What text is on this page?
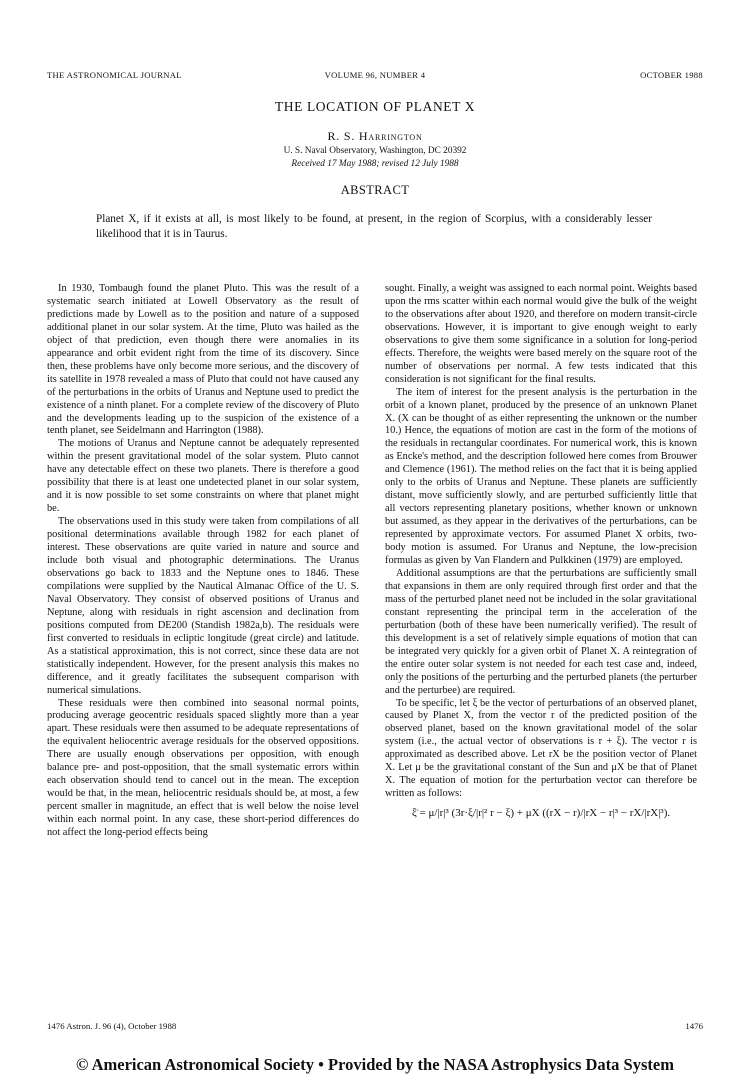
THE ASTRONOMICAL JOURNAL	VOLUME 96, NUMBER 4	OCTOBER 1988
THE LOCATION OF PLANET X
R. S. Harrington
U. S. Naval Observatory, Washington, DC 20392
Received 17 May 1988; revised 12 July 1988
ABSTRACT
Planet X, if it exists at all, is most likely to be found, at present, in the region of Scorpius, with a considerably lesser likelihood that it is in Taurus.

In 1930, Tombaugh found the planet Pluto. This was the result of a systematic search initiated at Lowell Observatory as the result of predictions made by Lowell as to the position and nature of a supposed additional planet in our solar system. At the time, Pluto was hailed as the object of that prediction, even though there were anomalies in its appearance and orbit evident right from the time of its discovery. Since then, these problems have only become more serious, and the discovery of its satellite in 1978 revealed a mass of Pluto that could not have caused any of the perturbations in the orbits of Uranus and Neptune used to predict the existence of a ninth planet. For a complete review of the discovery of Pluto and the developments leading up to the suspicion of the existence of a tenth planet, see Seidelmann and Harrington (1988).

The motions of Uranus and Neptune cannot be adequately represented within the present gravitational model of the solar system. Pluto cannot have any detectable effect on these two planets. There is therefore a good possibility that there is at least one undetected planet in our solar system, and it is now possible to set some constraints on where that planet might be.

The observations used in this study were taken from compilations of all positional determinations available through 1982 for each planet of interest. These observations are quite varied in nature and source and include both visual and photographic determinations. The Uranus observations go back to 1833 and the Neptune ones to 1846. These compilations were supplied by the Nautical Almanac Office of the U. S. Naval Observatory. They consist of observed positions of Uranus and Neptune, along with residuals in right ascension and declination from positions computed from DE200 (Standish 1982a,b). The residuals were first converted to residuals in ecliptic longitude (great circle) and latitude. As a statistical approximation, this is not correct, since these data are not statistically independent. However, for the present analysis this makes no difference, and it greatly facilitates the subsequent comparison with numerical simulations.

These residuals were then combined into seasonal normal points, producing average geocentric residuals spaced slightly more than a year apart. These residuals were then assumed to be adequate representations of the equivalent heliocentric average residuals for the observed oppositions. There are usually enough observations per opposition, with enough balance pre- and post-opposition, that the small systematic errors within each observation should tend to cancel out in the mean. The exception would be that, in the mean, heliocentric residuals should be, at most, a few percent smaller in magnitude, an effect that is well below the noise level within each normal point. In any case, these short-period differences do not affect the long-period effects being

sought. Finally, a weight was assigned to each normal point. Weights based upon the rms scatter within each normal would give the bulk of the weight to the observations after about 1920, and therefore on modern transit-circle observations. However, it is important to give enough weight to early observations to give them some significance in a solution for long-period effects. Therefore, the weights were based merely on the square root of the number of observations per normal. A few tests indicated that this consideration is not significant for the final results.

The item of interest for the present analysis is the perturbation in the orbit of a known planet, produced by the presence of an unknown Planet X. (X can be thought of as either representing the unknown or the number 10.) Hence, the equations of motion are cast in the form of the motions of the residuals in rectangular coordinates. For numerical work, this is known as Encke's method, and the description followed here comes from Brouwer and Clemence (1961). The method relies on the fact that it is being applied only to the orbits of Uranus and Neptune. These planets are sufficiently distant, move sufficiently slowly, and are perturbed sufficiently little that all vectors representing planetary positions, whether known or unknown but assumed, as they appear in the derivatives of the perturbations, can be represented by approximate vectors. For assumed Planet X orbits, two-body motion is assumed. For Uranus and Neptune, the low-precision formulas as given by Van Flandern and Pulkkinen (1979) are employed.

Additional assumptions are that the perturbations are sufficiently small that expansions in them are only required through first order and that the mass of the perturbed planet need not be included in the solar gravitational constant representing the principal term in the acceleration of the perturbation (both of these have been numerically verified). The result of this development is a set of relatively simple equations of motion that can be integrated very quickly for a given orbit of Planet X. A reintegration of the entire outer solar system is not needed for each test case and, indeed, only the positions of the perturbing and the perturbed planets (the perturber and the perturbee) are required.

To be specific, let ξ be the vector of perturbations of an observed planet, caused by Planet X, from the vector r of the predicted position of the observed planet, based on the known gravitational model of the solar system (i.e., the actual vector of observations is r + ξ). The vector r is approximated as described above. Let rX be the position vector of Planet X. Let μ be the gravitational constant of the Sun and μX be that of Planet X. The equation of motion for the perturbation vector can therefore be written as follows:

ξ̈ =
μ/|r|³ (3r·ξ/|r|² r − ξ)
+
μX ((rX − r)/|rX − r|³ − rX/|rX|³).
1476 Astron. J. 96 (4), October 1988	1476
© American Astronomical Society • Provided by the NASA Astrophysics Data System
